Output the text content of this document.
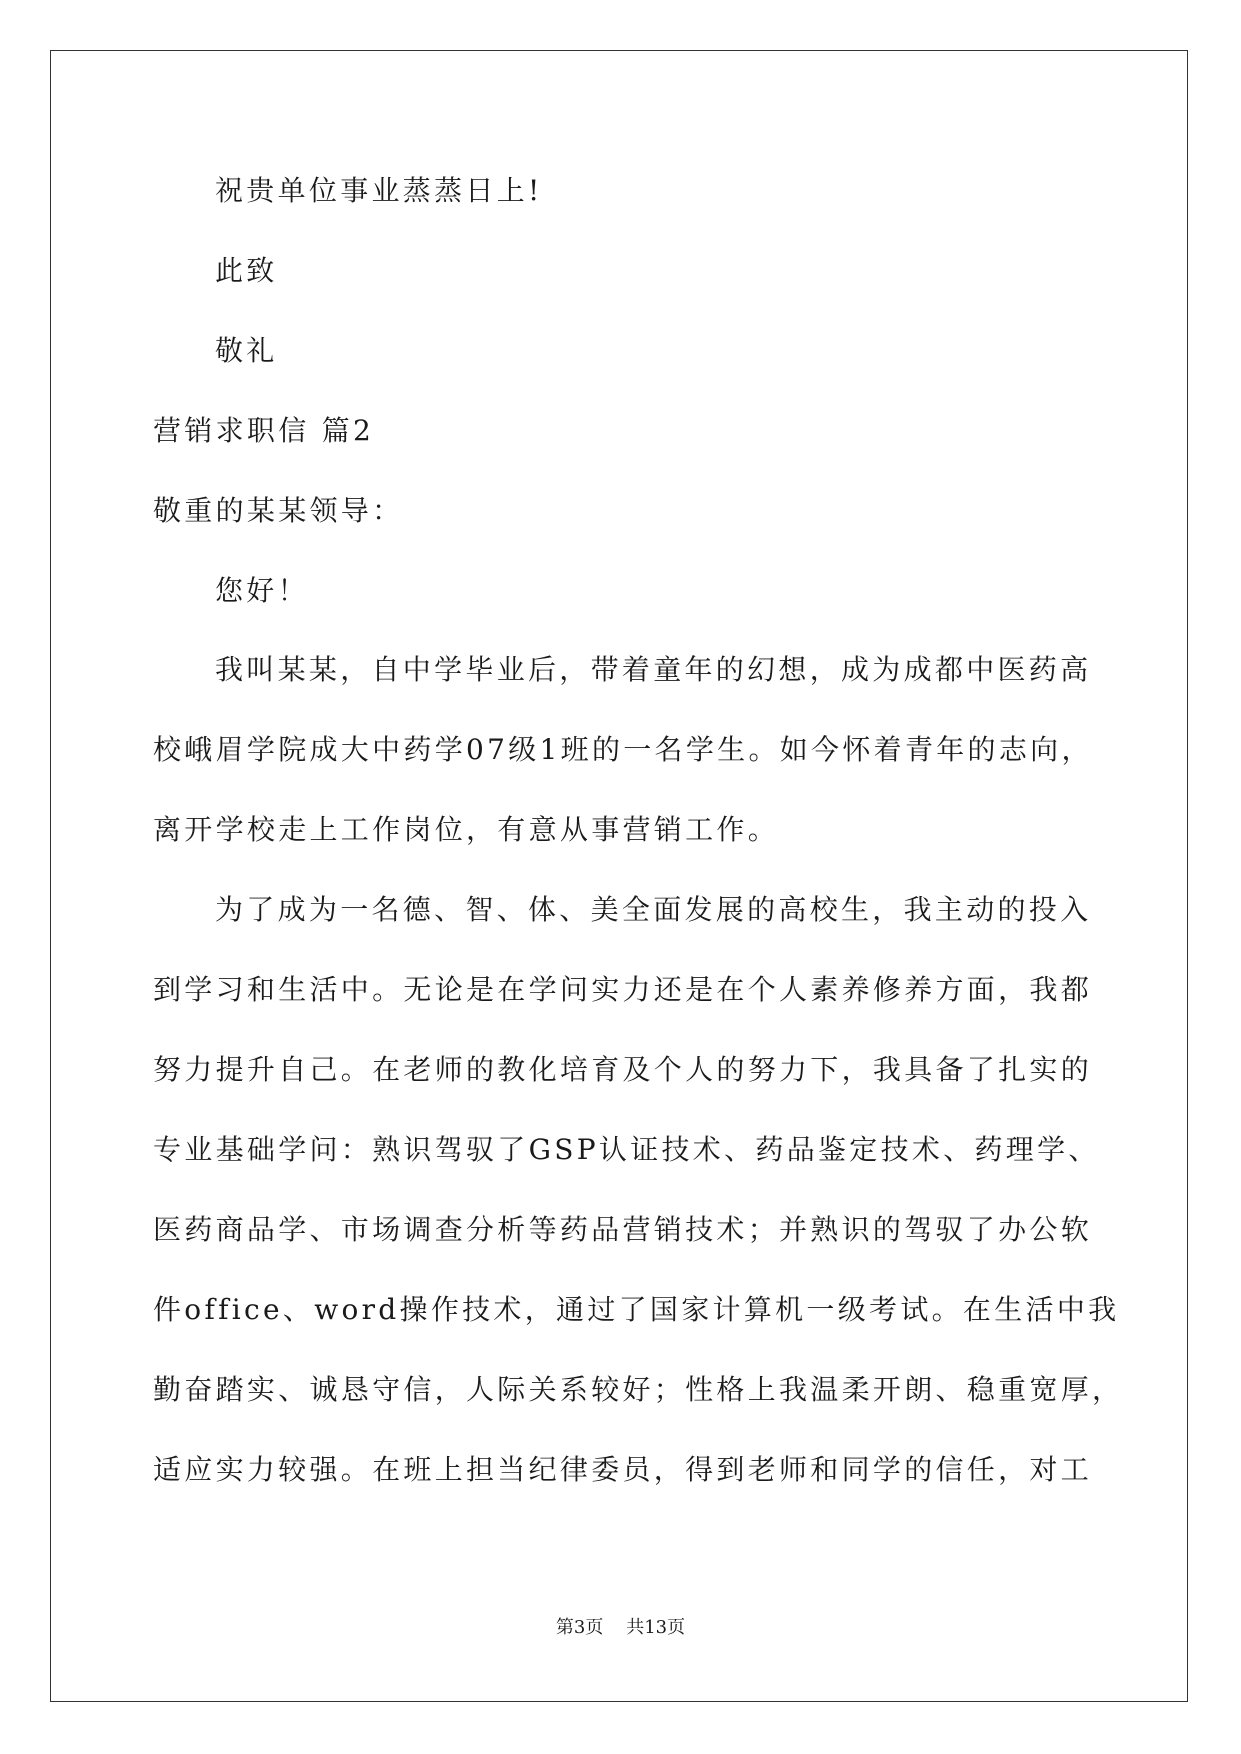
祝贵单位事业蒸蒸日上!
此致
敬礼
营销求职信 篇2
敬重的某某领导：
您好！
我叫某某，自中学毕业后，带着童年的幻想，成为成都中医药高
校峨眉学院成大中药学07级1班的一名学生。如今怀着青年的志向，
离开学校走上工作岗位，有意从事营销工作。
为了成为一名德、智、体、美全面发展的高校生，我主动的投入
到学习和生活中。无论是在学问实力还是在个人素养修养方面，我都
努力提升自己。在老师的教化培育及个人的努力下，我具备了扎实的
专业基础学问：熟识驾驭了GSP认证技术、药品鉴定技术、药理学、
医药商品学、市场调查分析等药品营销技术；并熟识的驾驭了办公软
件office、word操作技术，通过了国家计算机一级考试。在生活中我
勤奋踏实、诚恳守信，人际关系较好；性格上我温柔开朗、稳重宽厚，
适应实力较强。在班上担当纪律委员，得到老师和同学的信任，对工
第3页 共13页
